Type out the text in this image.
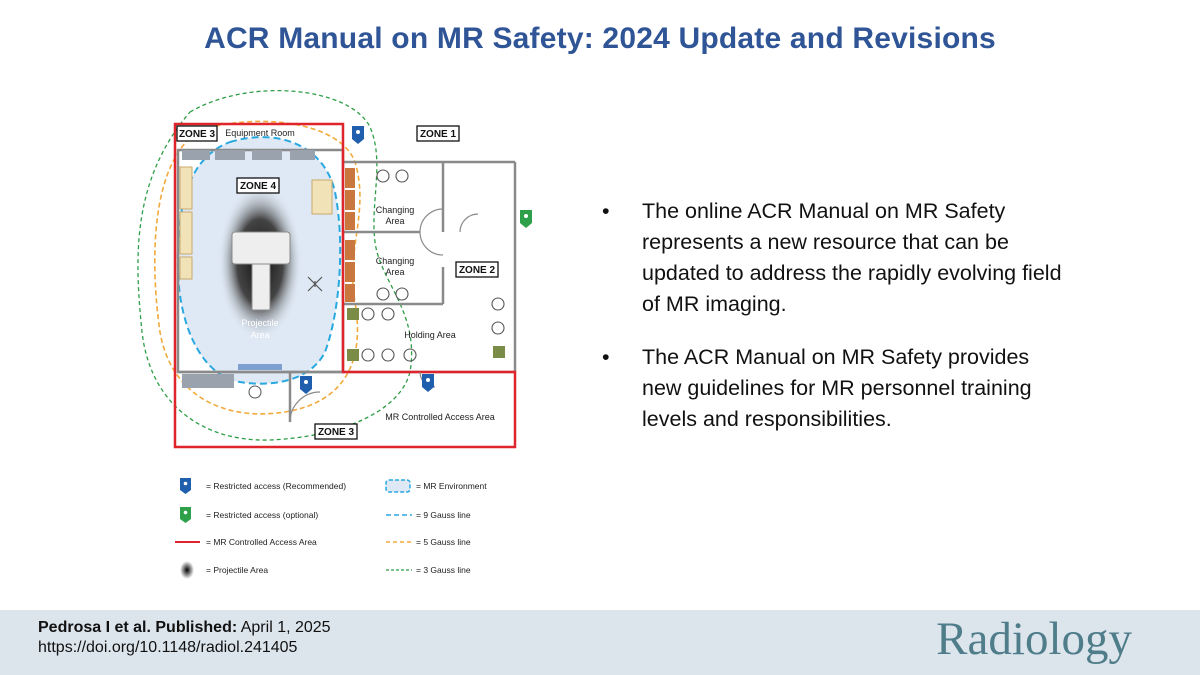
ACR Manual on MR Safety: 2024 Update and Revisions
ZONE 3	ZONE 1
ZONE 4
ZONE 2
ZONE 3
Equipment Room
Changing
Area
Changing
Area
Holding Area
Projectile
Area
MR Controlled Access Area
= Restricted access (Recommended)
= Restricted access (optional)
= MR Controlled Access Area
= Projectile Area
= MR Environment
= 9 Gauss line
= 5 Gauss line
= 3 Gauss line
• The online ACR Manual on MR Safety represents a new resource that can be updated to address the rapidly evolving field of MR imaging.
• The ACR Manual on MR Safety provides new guidelines for MR personnel training levels and responsibilities.
Pedrosa I et al. Published: April 1, 2025
https://doi.org/10.1148/radiol.241405	Radiology
